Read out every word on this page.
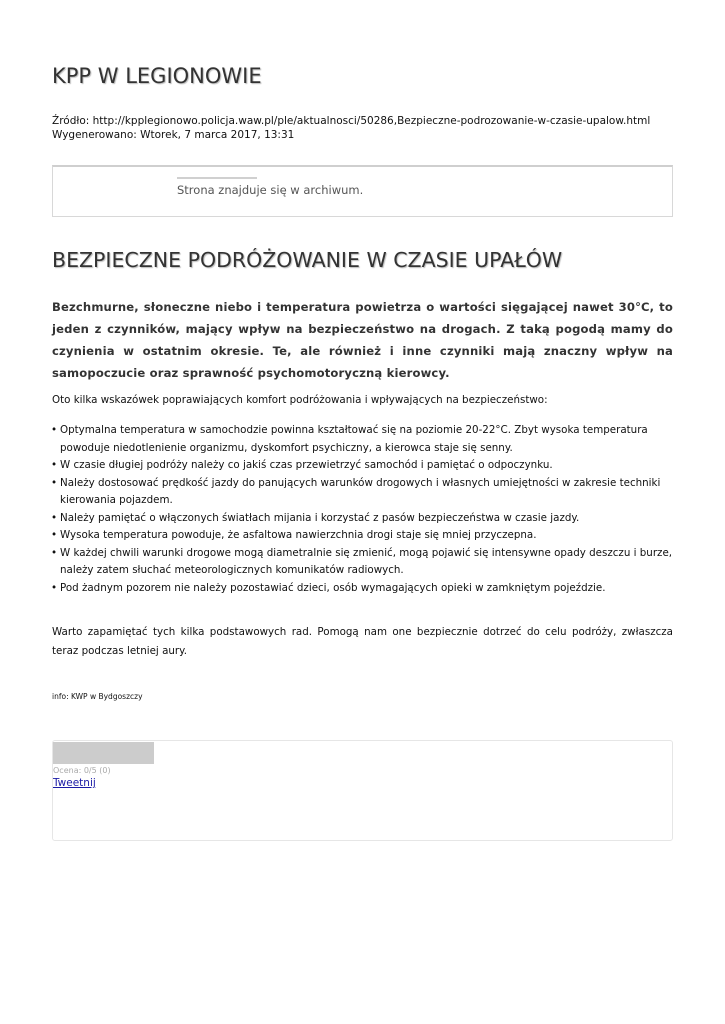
KPP W LEGIONOWIE
Źródło: http://kpplegionowo.policja.waw.pl/ple/aktualnosci/50286,Bezpieczne-podrozowanie-w-czasie-upalow.html
Wygenerowano: Wtorek, 7 marca 2017, 13:31
Strona znajduje się w archiwum.
BEZPIECZNE PODRÓŻOWANIE W CZASIE UPAŁÓW

Bezchmurne, słoneczne niebo i temperatura powietrza o wartości sięgającej nawet 30°C, to jeden z czynników, mający wpływ na bezpieczeństwo na drogach. Z taką pogodą mamy do czynienia w ostatnim okresie. Te, ale również i inne czynniki mają znaczny wpływ na samopoczucie oraz sprawność psychomotoryczną kierowcy.

Oto kilka wskazówek poprawiających komfort podróżowania i wpływających na bezpieczeństwo:

• Optymalna temperatura w samochodzie powinna kształtować się na poziomie 20-22°C. Zbyt wysoka temperatura powoduje niedotlenienie organizmu, dyskomfort psychiczny, a kierowca staje się senny.
• W czasie długiej podróży należy co jakiś czas przewietrzyć samochód i pamiętać o odpoczynku.
• Należy dostosować prędkość jazdy do panujących warunków drogowych i własnych umiejętności w zakresie techniki kierowania pojazdem.
• Należy pamiętać o włączonych światłach mijania i korzystać z pasów bezpieczeństwa w czasie jazdy.
• Wysoka temperatura powoduje, że asfaltowa nawierzchnia drogi staje się mniej przyczepna.
• W każdej chwili warunki drogowe mogą diametralnie się zmienić, mogą pojawić się intensywne opady deszczu i burze, należy zatem słuchać meteorologicznych komunikatów radiowych.
• Pod żadnym pozorem nie należy pozostawiać dzieci, osób wymagających opieki w zamkniętym pojeździe.

Warto zapamiętać tych kilka podstawowych rad. Pomogą nam one bezpiecznie dotrzeć do celu podróży, zwłaszcza teraz podczas letniej aury.

info: KWP w Bydgoszczy
Ocena: 0/5 (0)
Tweetnij
